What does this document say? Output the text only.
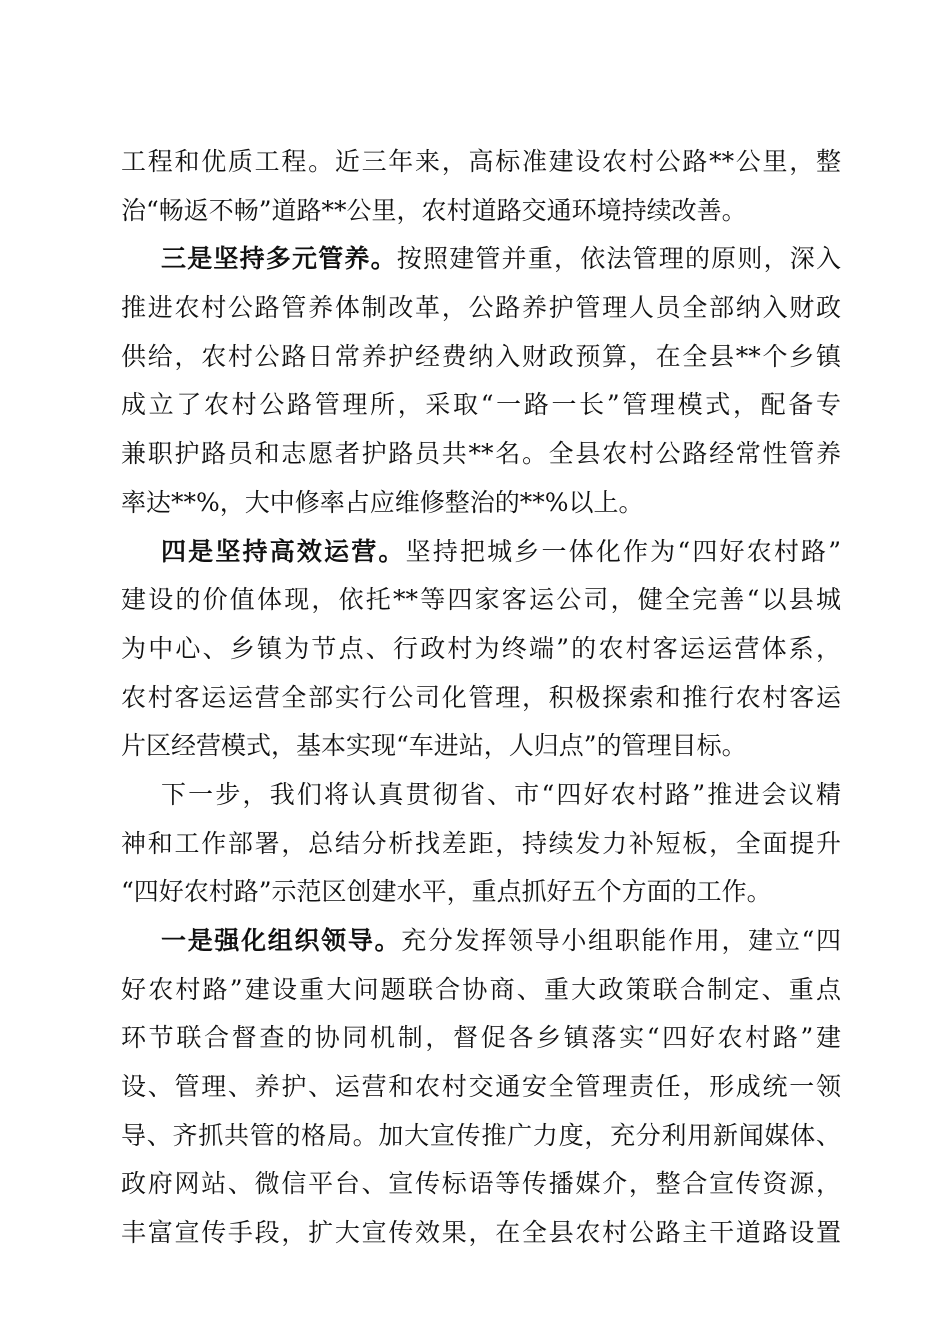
工程和优质工程。近三年来，高标准建设农村公路**公里，整
治“畅返不畅”道路**公里，农村道路交通环境持续改善。
三是坚持多元管养。按照建管并重，依法管理的原则，深入
推进农村公路管养体制改革，公路养护管理人员全部纳入财政
供给，农村公路日常养护经费纳入财政预算，在全县**个乡镇
成立了农村公路管理所，采取“一路一长”管理模式，配备专
兼职护路员和志愿者护路员共**名。全县农村公路经常性管养
率达**%，大中修率占应维修整治的**%以上。
四是坚持高效运营。坚持把城乡一体化作为“四好农村路”
建设的价值体现，依托**等四家客运公司，健全完善“以县城
为中心、乡镇为节点、行政村为终端”的农村客运运营体系，
农村客运运营全部实行公司化管理，积极探索和推行农村客运
片区经营模式，基本实现“车进站，人归点”的管理目标。
下一步，我们将认真贯彻省、市“四好农村路”推进会议精
神和工作部署，总结分析找差距，持续发力补短板，全面提升
“四好农村路”示范区创建水平，重点抓好五个方面的工作。
一是强化组织领导。充分发挥领导小组职能作用，建立“四
好农村路”建设重大问题联合协商、重大政策联合制定、重点
环节联合督查的协同机制，督促各乡镇落实“四好农村路”建
设、管理、养护、运营和农村交通安全管理责任，形成统一领
导、齐抓共管的格局。加大宣传推广力度，充分利用新闻媒体、
政府网站、微信平台、宣传标语等传播媒介，整合宣传资源，
丰富宣传手段，扩大宣传效果，在全县农村公路主干道路设置
